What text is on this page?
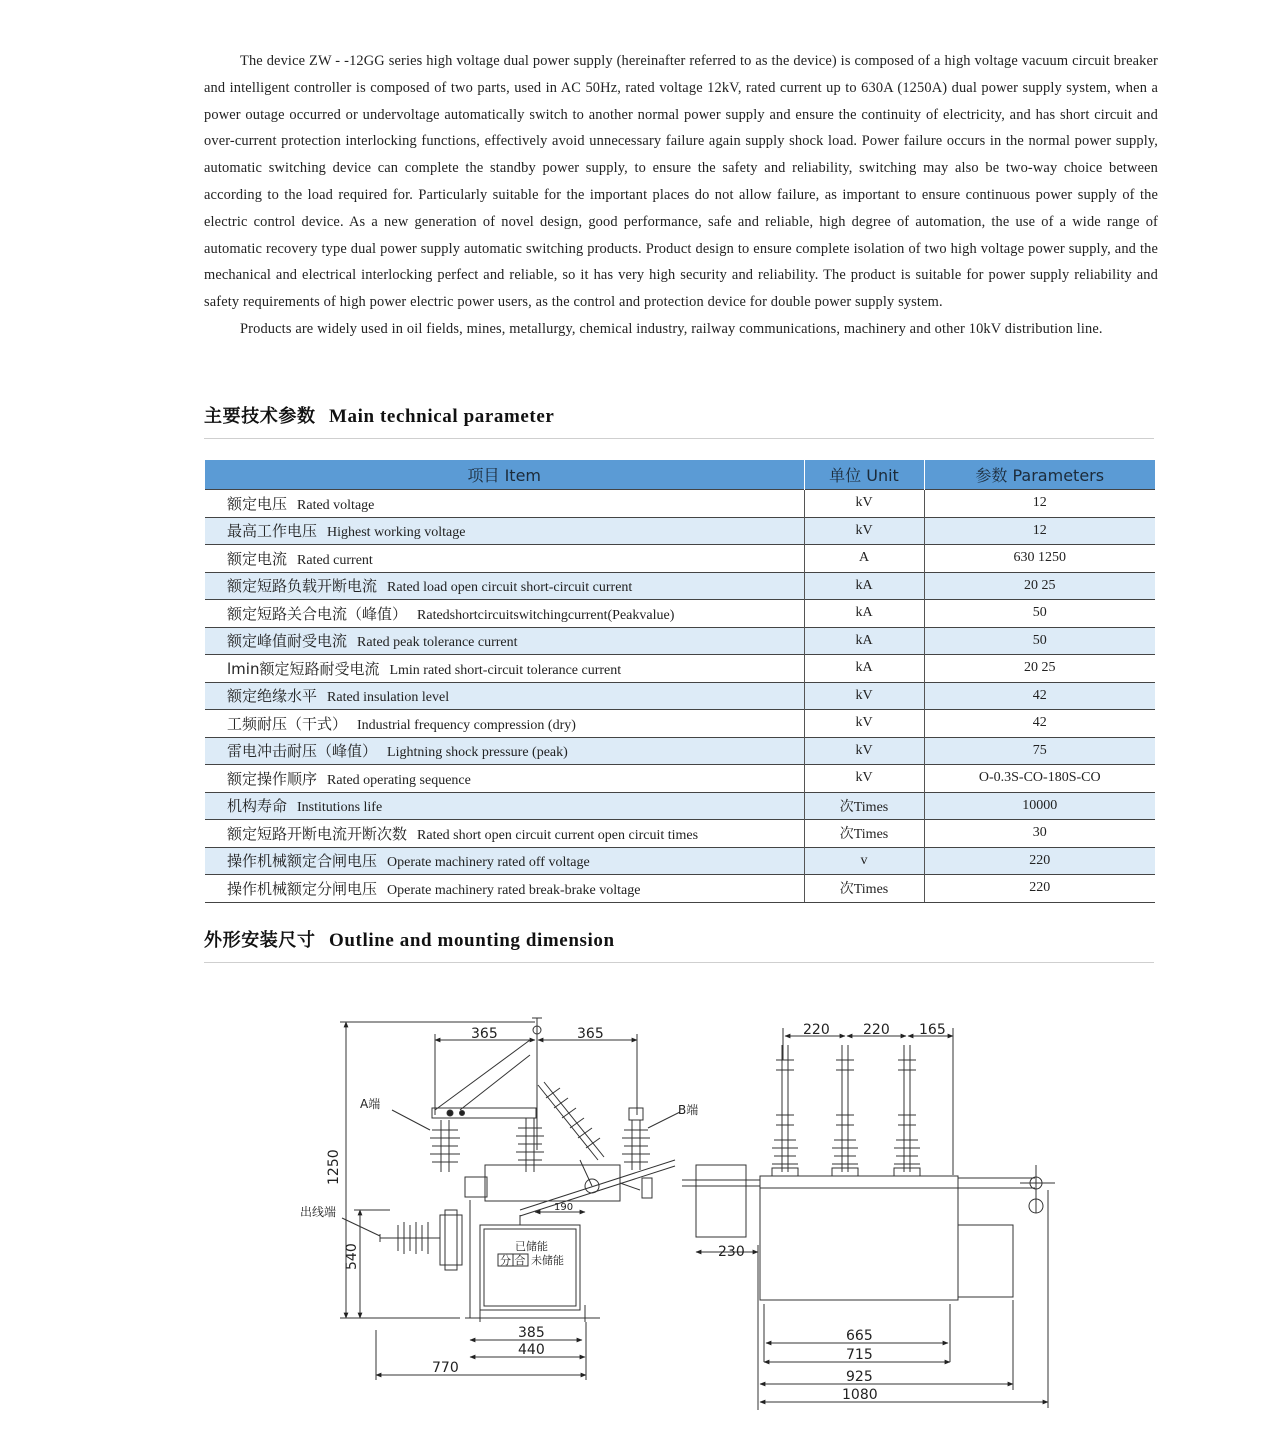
The device ZW - -12GG series high voltage dual power supply (hereinafter referred to as the device) is composed of a high voltage vacuum circuit breaker and intelligent controller is composed of two parts, used in AC 50Hz, rated voltage 12kV, rated current up to 630A (1250A) dual power supply system, when a power outage occurred or undervoltage automatically switch to another normal power supply and ensure the continuity of electricity, and has short circuit and over-current protection interlocking functions, effectively avoid unnecessary failure again supply shock load. Power failure occurs in the normal power supply, automatic switching device can complete the standby power supply, to ensure the safety and reliability, switching may also be two-way choice between according to the load required for. Particularly suitable for the important places do not allow failure, as important to ensure continuous power supply of the electric control device. As a new generation of novel design, good performance, safe and reliable, high degree of automation, the use of a wide range of automatic recovery type dual power supply automatic switching products. Product design to ensure complete isolation of two high voltage power supply, and the mechanical and electrical interlocking perfect and reliable, so it has very high security and reliability. The product is suitable for power supply reliability and safety requirements of high power electric power users, as the control and protection device for double power supply system.

Products are widely used in oil fields, mines, metallurgy, chemical industry, railway communications, machinery and other 10kV distribution line.

主要技术参数 Main technical parameter
项目 Item	单位 Unit	参数 Parameters
额定电压 Rated voltage	kV	12
最高工作电压 Highest working voltage	kV	12
额定电流 Rated current	A	630 1250
额定短路负载开断电流 Rated load open circuit short-circuit current	kA	20 25
额定短路关合电流（峰值） Ratedshortcircuitswitchingcurrent(Peakvalue)	kA	50
额定峰值耐受电流 Rated peak tolerance current	kA	50
lmin额定短路耐受电流 Lmin rated short-circuit tolerance current	kA	20 25
额定绝缘水平 Rated insulation level	kV	42
工频耐压（干式） Industrial frequency compression (dry)	kV	42
雷电冲击耐压（峰值） Lightning shock pressure (peak)	kV	75
额定操作顺序 Rated operating sequence	kV	O-0.3S-CO-180S-CO
机构寿命 Institutions life	次Times	10000
额定短路开断电流开断次数 Rated short open circuit current open circuit times	次Times	30
操作机械额定合闸电压 Operate machinery rated off voltage	v	220
操作机械额定分闸电压 Operate machinery rated break-brake voltage	次Times	220
外形安装尺寸 Outline and mounting dimension
365	365
1250
540
190
385
440
770
A端	B端
出线端
已储能
分 合 未储能
220 220 165
230
665
715
925
1080
